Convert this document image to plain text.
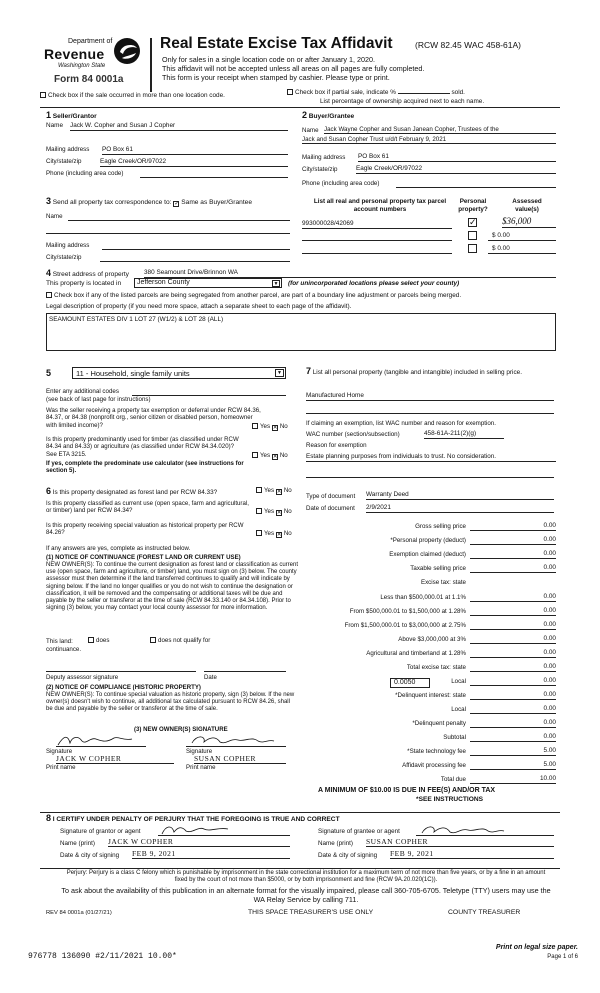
Department of
Revenue
Washington State
Form 84 0001a
Real Estate Excise Tax Affidavit	(RCW 82.45 WAC 458-61A)
Only for sales in a single location code on or after January 1, 2020.
This affidavit will not be accepted unless all areas on all pages are fully completed.
This form is your receipt when stamped by cashier. Please type or print.
Check box if the sale occurred in more than one location code.	Check box if partial sale, indicate %	sold.
List percentage of ownership acquired next to each name.
1 Seller/Grantor
Name Jack W. Copher and Susan J Copher
Mailing address PO Box 61
City/state/zip	Eagle Creek/OR/97022
Phone (including area code)
2 Buyer/Grantee
Name Jack Wayne Copher and Susan Janean Copher, Trustees of the
Jack and Susan Copher Trust u/d/t February 9, 2021
Mailing address PO Box 61
City/state/zip	Eagle Creek/OR/97022
Phone (including area code)
3 Send all property tax correspondence to: ✓ Same as Buyer/Grantee
Name
Mailing address
City/state/zip
List all real and personal property tax parcel account numbers
Personal property?
Assessed value(s)
993000028/42069	✓	$36,000
$ 0.00
$ 0.00
4 Street address of property 380 Seamount Drive/Brinnon WA
This property is located in	Jefferson County	▼ (for unincorporated locations please select your county)
Check box if any of the listed parcels are being segregated from another parcel, are part of a boundary line adjustment or parcels being merged.
Legal description of property (if you need more space, attach a separate sheet to each page of the affidavit).
SEAMOUNT ESTATES DIV 1 LOT 27 (W1/2) & LOT 28 (ALL)
5	11 - Household, single family units	▼
Enter any additional codes
(see back of last page for instructions)
Was the seller receiving a property tax exemption or deferral under RCW 84.36, 84.37, or 84.38 (nonprofit org., senior citizen or disabled person, homeowner with limited income)?	Yes ✕ No
Is this property predominantly used for timber (as classified under RCW 84.34 and 84.33) or agriculture (as classified under RCW 84.34.020)? See ETA 3215.	Yes ✕ No
If yes, complete the predominate use calculator (see instructions for section 5).
6 Is this property designated as forest land per RCW 84.33?	Yes ✕ No
Is this property classified as current use (open space, farm and agricultural, or timber) land per RCW 84.34?	Yes ✕ No
Is this property receiving special valuation as historical property per RCW 84.26?	Yes ✕ No
If any answers are yes, complete as instructed below.
(1) NOTICE OF CONTINUANCE (FOREST LAND OR CURRENT USE)
NEW OWNER(S): To continue the current designation as forest land or classification as current use (open space, farm and agriculture, or timber) land, you must sign on (3) below. The county assessor must then determine if the land transferred continues to qualify and will indicate by signing below. If the land no longer qualifies or you do not wish to continue the designation or classification, it will be removed and the compensating or additional taxes will be due and payable by the seller or transferor at the time of sale (RCW 84.33.140 or 84.34.108). Prior to signing (3) below, you may contact your local county assessor for more information.
This land:	does	does not qualify for
continuance.
Deputy assessor signature	Date
(2) NOTICE OF COMPLIANCE (HISTORIC PROPERTY)
NEW OWNER(S): To continue special valuation as historic property, sign (3) below. If the new owner(s) doesn't wish to continue, all additional tax calculated pursuant to RCW 84.26, shall be due and payable by the seller or transferor at the time of sale.
(3) NEW OWNER(S) SIGNATURE
Signature	Signature
JACK W COPHER	SUSAN COPHER
Print name	Print name
7 List all personal property (tangible and intangible) included in selling price.
Manufactured Home
If claiming an exemption, list WAC number and reason for exemption.
WAC number (section/subsection)	458-61A-211(2)(g)
Reason for exemption
Estate planning purposes from individuals to trust. No consideration.
Type of document Warranty Deed
Date of document 2/9/2021
Gross selling price	0.00
*Personal property (deduct)	0.00
Exemption claimed (deduct)	0.00
Taxable selling price	0.00
Excise tax: state
Less than $500,000.01 at 1.1%	0.00
From $500,000.01 to $1,500,000 at 1.28%	0.00
From $1,500,000.01 to $3,000,000 at 2.75%	0.00
Above $3,000,000 at 3%	0.00
Agricultural and timberland at 1.28%	0.00
Total excise tax: state	0.00
0.0050	Local	0.00
*Delinquent interest: state	0.00
Local	0.00
*Delinquent penalty	0.00
Subtotal	0.00
*State technology fee	5.00
Affidavit processing fee	5.00
Total due	10.00
A MINIMUM OF $10.00 IS DUE IN FEE(S) AND/OR TAX
*SEE INSTRUCTIONS
8 I CERTIFY UNDER PENALTY OF PERJURY THAT THE FOREGOING IS TRUE AND CORRECT
Signature of grantor or agent
Name (print) JACK W COPHER
Date & city of signing FEB 9, 2021
Signature of grantee or agent
Name (print) SUSAN COPHER
Date & city of signing FEB 9, 2021
Perjury: Perjury is a class C felony which is punishable by imprisonment in the state correctional institution for a maximum term of not more than five years, or by a fine in an amount fixed by the court of not more than $5000, or by both imprisonment and fine (RCW 9A.20.020(1C)).
To ask about the availability of this publication in an alternate format for the visually impaired, please call 360-705-6705. Teletype (TTY) users may use the WA Relay Service by calling 711.
REV 84 0001a (01/27/21)	THIS SPACE TREASURER'S USE ONLY	COUNTY TREASURER
976778 136090 #2/11/2021 10.00*
Print on legal size paper.
Page 1 of 6
